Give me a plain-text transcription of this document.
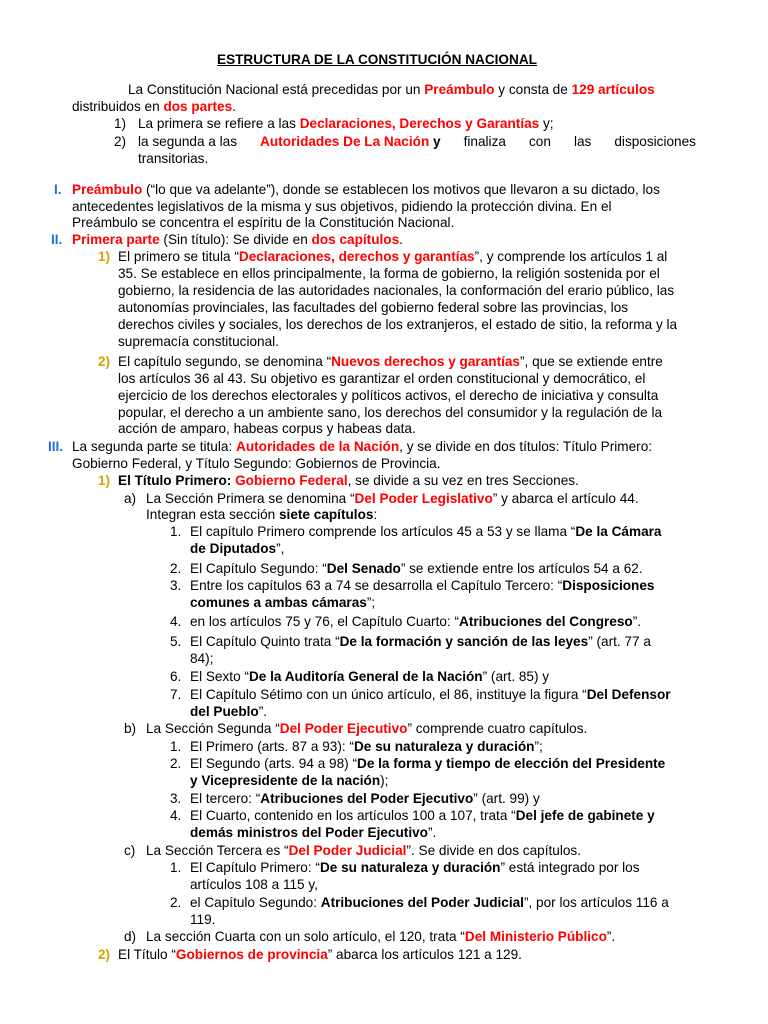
ESTRUCTURA DE LA CONSTITUCIÓN NACIONAL
La Constitución Nacional está precedidas por un Preámbulo y consta de 129 artículos
distribuidos en dos partes.
1) La primera se refiere a las Declaraciones, Derechos y Garantías y;
2) la segunda a las Autoridades De La Nación y finaliza con las disposiciones
transitorias.
I. Preámbulo (“lo que va adelante”), donde se establecen los motivos que llevaron a su dictado, los
antecedentes legislativos de la misma y sus objetivos, pidiendo la protección divina. En el
Preámbulo se concentra el espíritu de la Constitución Nacional.
II. Primera parte (Sin título): Se divide en dos capítulos.
1) El primero se titula “Declaraciones, derechos y garantías”, y comprende los artículos 1 al
35. Se establece en ellos principalmente, la forma de gobierno, la religión sostenida por el
gobierno, la residencia de las autoridades nacionales, la conformación del erario público, las
autonomías provinciales, las facultades del gobierno federal sobre las provincias, los
derechos civiles y sociales, los derechos de los extranjeros, el estado de sitio, la reforma y la
supremacía constitucional.
2) El capítulo segundo, se denomina “Nuevos derechos y garantías”, que se extiende entre
los artículos 36 al 43. Su objetivo es garantizar el orden constitucional y democrático, el
ejercicio de los derechos electorales y políticos activos, el derecho de iniciativa y consulta
popular, el derecho a un ambiente sano, los derechos del consumidor y la regulación de la
acción de amparo, habeas corpus y habeas data.
III. La segunda parte se titula: Autoridades de la Nación, y se divide en dos títulos: Título Primero:
Gobierno Federal, y Título Segundo: Gobiernos de Provincia.
1) El Título Primero: Gobierno Federal, se divide a su vez en tres Secciones.
a) La Sección Primera se denomina “Del Poder Legislativo” y abarca el artículo 44.
Integran esta sección siete capítulos:
1. El capítulo Primero comprende los artículos 45 a 53 y se llama “De la Cámara
de Diputados”,
2. El Capítulo Segundo: “Del Senado” se extiende entre los artículos 54 a 62.
3. Entre los capítulos 63 a 74 se desarrolla el Capítulo Tercero: “Disposiciones
comunes a ambas cámaras”;
4. en los artículos 75 y 76, el Capítulo Cuarto: “Atribuciones del Congreso”.
5. El Capítulo Quinto trata “De la formación y sanción de las leyes” (art. 77 a
84);
6. El Sexto “De la Auditoría General de la Nación” (art. 85) y
7. El Capítulo Sétimo con un único artículo, el 86, instituye la figura “Del Defensor
del Pueblo”.
b) La Sección Segunda “Del Poder Ejecutivo” comprende cuatro capítulos.
1. El Primero (arts. 87 a 93): “De su naturaleza y duración”;
2. El Segundo (arts. 94 a 98) “De la forma y tiempo de elección del Presidente
y Vicepresidente de la nación);
3. El tercero: “Atribuciones del Poder Ejecutivo” (art. 99) y
4. El Cuarto, contenido en los artículos 100 a 107, trata “Del jefe de gabinete y
demás ministros del Poder Ejecutivo”.
c) La Sección Tercera es “Del Poder Judicial”. Se divide en dos capítulos.
1. El Capítulo Primero: “De su naturaleza y duración” está integrado por los
artículos 108 a 115 y,
2. el Capítulo Segundo: Atribuciones del Poder Judicial”, por los artículos 116 a
119.
d) La sección Cuarta con un solo artículo, el 120, trata “Del Ministerio Público”.
2) El Título “Gobiernos de provincia” abarca los artículos 121 a 129.
